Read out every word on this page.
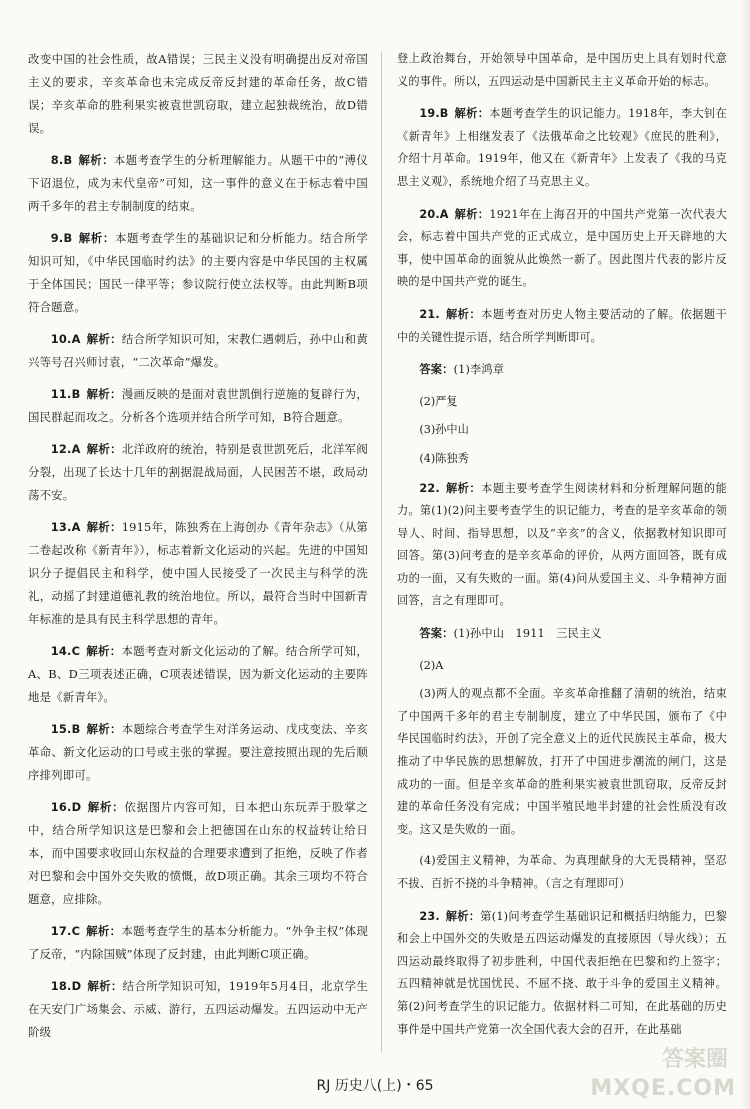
改变中国的社会性质，故A错误；三民主义没有明确提出反对帝国主义的要求，辛亥革命也未完成反帝反封建的革命任务，故C错误；辛亥革命的胜利果实被袁世凯窃取，建立起独裁统治，故D错误。

8.B  解析：本题考查学生的分析理解能力。从题干中的“溥仪下诏退位，成为末代皇帝”可知，这一事件的意义在于标志着中国两千多年的君主专制制度的结束。

9.B  解析：本题考查学生的基础识记和分析能力。结合所学知识可知，《中华民国临时约法》的主要内容是中华民国的主权属于全体国民；国民一律平等；参议院行使立法权等。由此判断B项符合题意。

10.A  解析：结合所学知识可知，宋教仁遇刺后，孙中山和黄兴等号召兴师讨袁，“二次革命”爆发。

11.B  解析：漫画反映的是面对袁世凯倒行逆施的复辟行为，国民群起而攻之。分析各个选项并结合所学可知，B符合题意。

12.A  解析：北洋政府的统治，特别是袁世凯死后，北洋军阀分裂，出现了长达十几年的割据混战局面，人民困苦不堪，政局动荡不安。

13.A  解析：1915年，陈独秀在上海创办《青年杂志》（从第二卷起改称《新青年》），标志着新文化运动的兴起。先进的中国知识分子提倡民主和科学，使中国人民接受了一次民主与科学的洗礼，动摇了封建道德礼教的统治地位。所以，最符合当时中国新青年标准的是具有民主科学思想的青年。

14.C  解析：本题考查对新文化运动的了解。结合所学可知，A、B、D三项表述正确，C项表述错误，因为新文化运动的主要阵地是《新青年》。

15.B  解析：本题综合考查学生对洋务运动、戊戌变法、辛亥革命、新文化运动的口号或主张的掌握。要注意按照出现的先后顺序排列即可。

16.D  解析：依据图片内容可知，日本把山东玩弄于股掌之中，结合所学知识这是巴黎和会上把德国在山东的权益转让给日本，而中国要求收回山东权益的合理要求遭到了拒绝，反映了作者对巴黎和会中国外交失败的愤慨，故D项正确。其余三项均不符合题意，应排除。

17.C  解析：本题考查学生的基本分析能力。“外争主权”体现了反帝，“内除国贼”体现了反封建，由此判断C项正确。

18.D  解析：结合所学知识可知，1919年5月4日，北京学生在天安门广场集会、示威、游行，五四运动爆发。五四运动中无产阶级

登上政治舞台，开始领导中国革命，是中国历史上具有划时代意义的事件。所以，五四运动是中国新民主主义革命开始的标志。

19.B  解析：本题考查学生的识记能力。1918年，李大钊在《新青年》上相继发表了《法俄革命之比较观》《庶民的胜利》，介绍十月革命。1919年，他又在《新青年》上发表了《我的马克思主义观》，系统地介绍了马克思主义。

20.A  解析：1921年在上海召开的中国共产党第一次代表大会，标志着中国共产党的正式成立，是中国历史上开天辟地的大事，使中国革命的面貌从此焕然一新了。因此图片代表的影片反映的是中国共产党的诞生。

21.  解析：本题考查对历史人物主要活动的了解。依据题干中的关键性提示语，结合所学判断即可。

答案：(1)李鸿章

(2)严复

(3)孙中山

(4)陈独秀

22.  解析：本题主要考查学生阅读材料和分析理解问题的能力。第(1)(2)问主要考查学生的识记能力，考查的是辛亥革命的领导人、时间、指导思想，以及“辛亥”的含义，依据教材知识即可回答。第(3)问考查的是辛亥革命的评价，从两方面回答，既有成功的一面，又有失败的一面。第(4)问从爱国主义、斗争精神方面回答，言之有理即可。

答案：(1)孙中山　1911　三民主义

(2)A

(3)两人的观点都不全面。辛亥革命推翻了清朝的统治，结束了中国两千多年的君主专制制度，建立了中华民国，颁布了《中华民国临时约法》，开创了完全意义上的近代民族民主革命，极大推动了中华民族的思想解放，打开了中国进步潮流的闸门，这是成功的一面。但是辛亥革命的胜利果实被袁世凯窃取，反帝反封建的革命任务没有完成；中国半殖民地半封建的社会性质没有改变。这又是失败的一面。

(4)爱国主义精神，为革命、为真理献身的大无畏精神，坚忍不拔、百折不挠的斗争精神。（言之有理即可）

23.  解析：第(1)问考查学生基础识记和概括归纳能力，巴黎和会上中国外交的失败是五四运动爆发的直接原因（导火线）；五四运动最终取得了初步胜利，中国代表拒绝在巴黎和约上签字；五四精神就是忧国忧民、不屈不挠、敢于斗争的爱国主义精神。第(2)问考查学生的识记能力。依据材料二可知，在此基础的历史事件是中国共产党第一次全国代表大会的召开，在此基础

RJ 历史八(上)・65
答案圈
MXQE.COM
